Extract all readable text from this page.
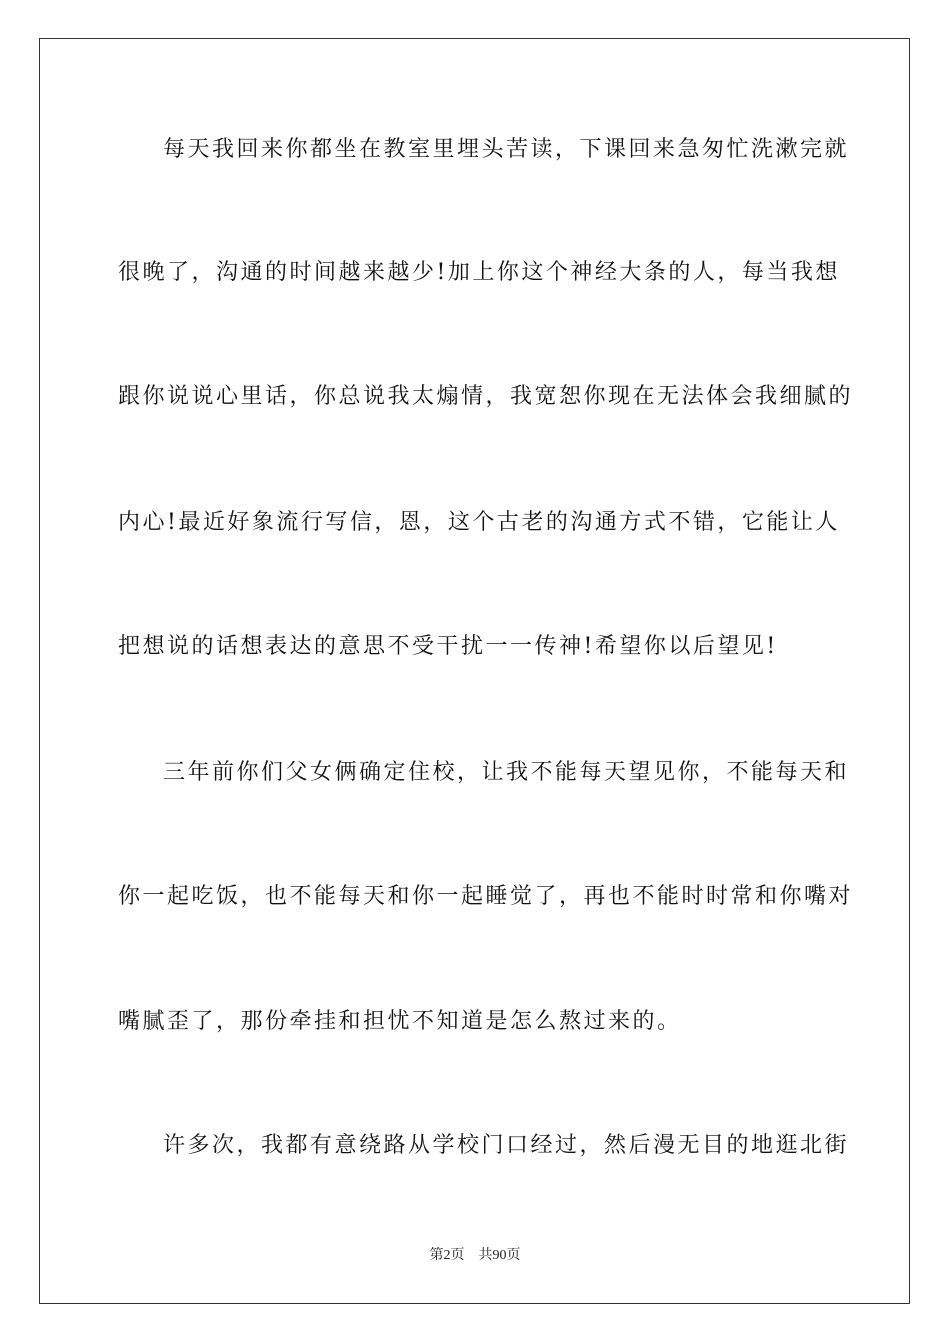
每天我回来你都坐在教室里埋头苦读，下课回来急匆忙洗漱完就
很晚了，沟通的时间越来越少!加上你这个神经大条的人，每当我想
跟你说说心里话，你总说我太煽情，我宽恕你现在无法体会我细腻的
内心!最近好象流行写信，恩，这个古老的沟通方式不错，它能让人
把想说的话想表达的意思不受干扰一一传神!希望你以后望见!
三年前你们父女俩确定住校，让我不能每天望见你，不能每天和
你一起吃饭，也不能每天和你一起睡觉了，再也不能时时常和你嘴对
嘴腻歪了，那份牵挂和担忧不知道是怎么熬过来的。
许多次，我都有意绕路从学校门口经过，然后漫无目的地逛北街
第2页 共90页
